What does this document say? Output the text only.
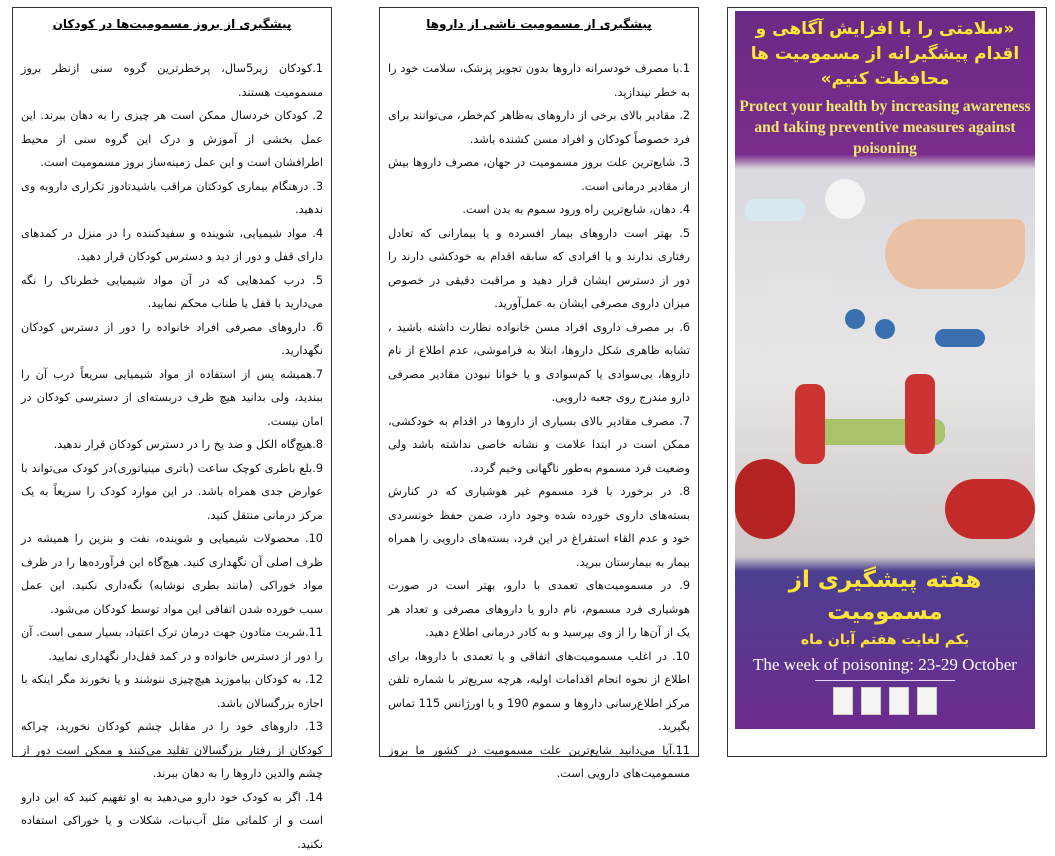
پیشگیری از بروز مسمومیت‌ها در کودکان

1.کودکان زیر5سال، پرخطرترین گروه سنی ازنظر بروز مسمومیت هستند.

2. کودکان خردسال ممکن است هر چیزی را به دهان ببرند. این عمل بخشی از آموزش و درک این گروه سنی از محیط اطرافشان است و این عمل زمینه‌ساز بروز مسمومیت است.

3. درهنگام بیماری کودکتان مراقب باشیدتادوز تکراری داروبه وی ندهید.

4. مواد شیمیایی، شوینده و سفیدکننده را در منزل در کمدهای دارای قفل و دور از دید و دسترس کودکان قرار دهید.

5. درب کمدهایی که در آن مواد شیمیایی خطرناک را نگه می‌دارید با قفل یا طناب محکم نمایید.

6. داروهای مصرفی افراد خانواده را دور از دسترس کودکان نگهدارید.

7.همیشه پس از استفاده از مواد شیمیایی سریعاً درب آن را ببندید، ولی بدانید هیچ ظرف دربسته‌ای از دسترسی کودکان در امان نیست.

8.هیچ‌گاه الکل و ضد یخ را در دسترس کودکان قرار ندهید.

9.بلع باطری کوچک ساعت (باتری مینیاتوری)در کودک می‌تواند با عوارض جدی همراه باشد. در این موارد کودک را سریعاً به یک مرکز درمانی منتقل کنید.

10. محصولات شیمیایی و شوینده، نفت و بنزین را همیشه در ظرف اصلی آن نگهداری کنید. هیچ‌گاه این فرآورده‌ها را در ظرف مواد خوراکی (مانند بطری نوشابه) نگه‌داری نکنید. این عمل سبب خورده شدن اتفاقی این مواد توسط کودکان می‌شود.

11.شربت متادون جهت درمان ترک اعتیاد، بسیار سمی است. آن را دور از دسترس خانواده و در کمد قفل‌دار نگهداری نمایید.

12. به کودکان بیاموزید هیچ‌چیزی ننوشند و یا نخورند مگر اینکه با اجازه بزرگسالان باشد.

13. داروهای خود را در مقابل چشم کودکان نخورید، چراکه کودکان از رفتار بزرگسالان تقلید می‌کنند و ممکن است دور از چشم والدین داروها را به دهان ببرند.

14. اگر به کودک خود دارو می‌دهید به او تفهیم کنید که این دارو است و از کلماتی مثل آب‌نبات، شکلات و یا خوراکی استفاده نکنید.

پیشگیری از مسمومیت ناشی از داروها

1.با مصرف خودسرانه داروها بدون تجویز پزشک، سلامت خود را به خطر نیندازید.

2. مقادیر بالای برخی از داروهای به‌ظاهر کم‌خطر، می‌توانند برای فرد خصوصاً کودکان و افراد مسن کشنده باشد.

3. شایع‌ترین علت بروز مسمومیت در جهان، مصرف داروها بیش از مقادیر درمانی است.

4. دهان، شایع‌ترین راه ورود سموم به بدن است.

5. بهتر است داروهای بیمار افسرده و یا بیمارانی که تعادل رفتاری ندارند و یا افرادی که سابقه اقدام به خودکشی دارند را دور از دسترس ایشان قرار دهید و مراقبت دقیقی در خصوص میزان داروی مصرفی ایشان به عمل‌آورید.

6. بر مصرف داروی افراد مسن خانواده نظارت داشته باشید ، تشابه ظاهری شکل داروها، ابتلا به فراموشی، عدم اطلاع از نام داروها، بی‌سوادی یا کم‌سوادی و یا خوانا نبودن مقادیر مصرفی دارو مندرج روی جعبه دارویی.

7. مصرف مقادیر بالای بسیاری از داروها در اقدام به خودکشی، ممکن است در ابتدا علامت و نشانه خاصی نداشته باشد ولی وضعیت فرد مسموم به‌طور ناگهانی وخیم گردد.

8. در برخورد با فرد مسموم غیر هوشیاری که در کنارش بسته‌های داروی خورده شده وجود دارد، ضمن حفظ خونسردی خود و عدم القاء استفراغ در این فرد، بسته‌های دارویی را همراه بیمار به بیمارستان ببرید.

9. در مسمومیت‌های تعمدی با دارو، بهتر است در صورت هوشیاری فرد مسموم، نام دارو یا داروهای مصرفی و تعداد هر یک از آن‌ها را از وی بپرسید و به کادر درمانی اطلاع دهید.

10. در اغلب مسمومیت‌های اتفاقی و یا تعمدی با داروها، برای اطلاع از نحوه انجام اقدامات اولیه، هرچه سریع‌تر با شماره تلفن مرکز اطلاع‌رسانی داروها و سموم 190 و یا اورژانس 115 تماس بگیرید.

11.آیا می‌دانید شایع‌ترین علت مسمومیت در کشور ما بروز مسمومیت‌های دارویی است.

«سلامتی را با افزایش آگاهی و اقدام پیشگیرانه از مسمومیت ها محافظت کنیم»
Protect your health by increasing awareness and taking preventive measures against poisoning
هفته پیشگیری از مسمومیت
یکم لغایت هفتم آبان ماه
The week of poisoning: 23-29 October
